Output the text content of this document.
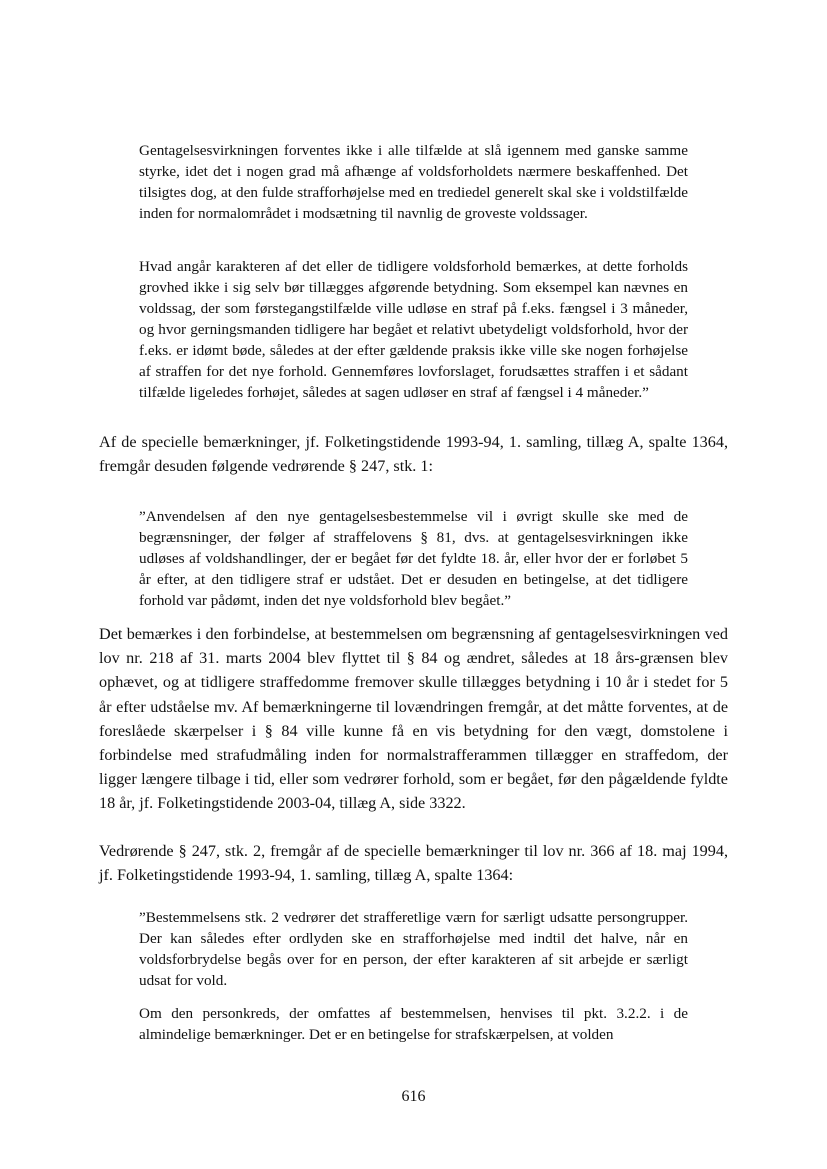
Gentagelsesvirkningen forventes ikke i alle tilfælde at slå igennem med ganske samme styrke, idet det i nogen grad må afhænge af voldsforholdets nærmere beskaffenhed. Det tilsigtes dog, at den fulde strafforhøjelse med en trediedel generelt skal ske i voldstilfælde inden for normalområdet i modsætning til navnlig de groveste voldssager.

Hvad angår karakteren af det eller de tidligere voldsforhold bemærkes, at dette forholds grovhed ikke i sig selv bør tillægges afgørende betydning. Som eksempel kan nævnes en voldssag, der som førstegangstilfælde ville udløse en straf på f.eks. fængsel i 3 måneder, og hvor gerningsmanden tidligere har begået et relativt ubetydeligt voldsforhold, hvor der f.eks. er idømt bøde, således at der efter gældende praksis ikke ville ske nogen forhøjelse af straffen for det nye forhold. Gennemføres lovforslaget, forudsættes straffen i et sådant tilfælde ligeledes forhøjet, således at sagen udløser en straf af fængsel i 4 måneder.”

Af de specielle bemærkninger, jf. Folketingstidende 1993-94, 1. samling, tillæg A, spalte 1364, fremgår desuden følgende vedrørende § 247, stk. 1:

”Anvendelsen af den nye gentagelsesbestemmelse vil i øvrigt skulle ske med de begrænsninger, der følger af straffelovens § 81, dvs. at gentagelsesvirkningen ikke udløses af voldshandlinger, der er begået før det fyldte 18. år, eller hvor der er forløbet 5 år efter, at den tidligere straf er udstået. Det er desuden en betingelse, at det tidligere forhold var pådømt, inden det nye voldsforhold blev begået.”

Det bemærkes i den forbindelse, at bestemmelsen om begrænsning af gentagelsesvirkningen ved lov nr. 218 af 31. marts 2004 blev flyttet til § 84 og ændret, således at 18 års-grænsen blev ophævet, og at tidligere straffedomme fremover skulle tillægges betydning i 10 år i stedet for 5 år efter udståelse mv. Af bemærkningerne til lovændringen fremgår, at det måtte forventes, at de foreslåede skærpelser i § 84 ville kunne få en vis betydning for den vægt, domstolene i forbindelse med strafudmåling inden for normalstrafferammen tillægger en straffedom, der ligger længere tilbage i tid, eller som vedrører forhold, som er begået, før den pågældende fyldte 18 år, jf. Folketingstidende 2003-04, tillæg A, side 3322.

Vedrørende § 247, stk. 2, fremgår af de specielle bemærkninger til lov nr. 366 af 18. maj 1994, jf. Folketingstidende 1993-94, 1. samling, tillæg A, spalte 1364:

”Bestemmelsens stk. 2 vedrører det strafferetlige værn for særligt udsatte persongrupper. Der kan således efter ordlyden ske en strafforhøjelse med indtil det halve, når en voldsforbrydelse begås over for en person, der efter karakteren af sit arbejde er særligt udsat for vold.

Om den personkreds, der omfattes af bestemmelsen, henvises til pkt. 3.2.2. i de almindelige bemærkninger. Det er en betingelse for strafskærpelsen, at volden

616
